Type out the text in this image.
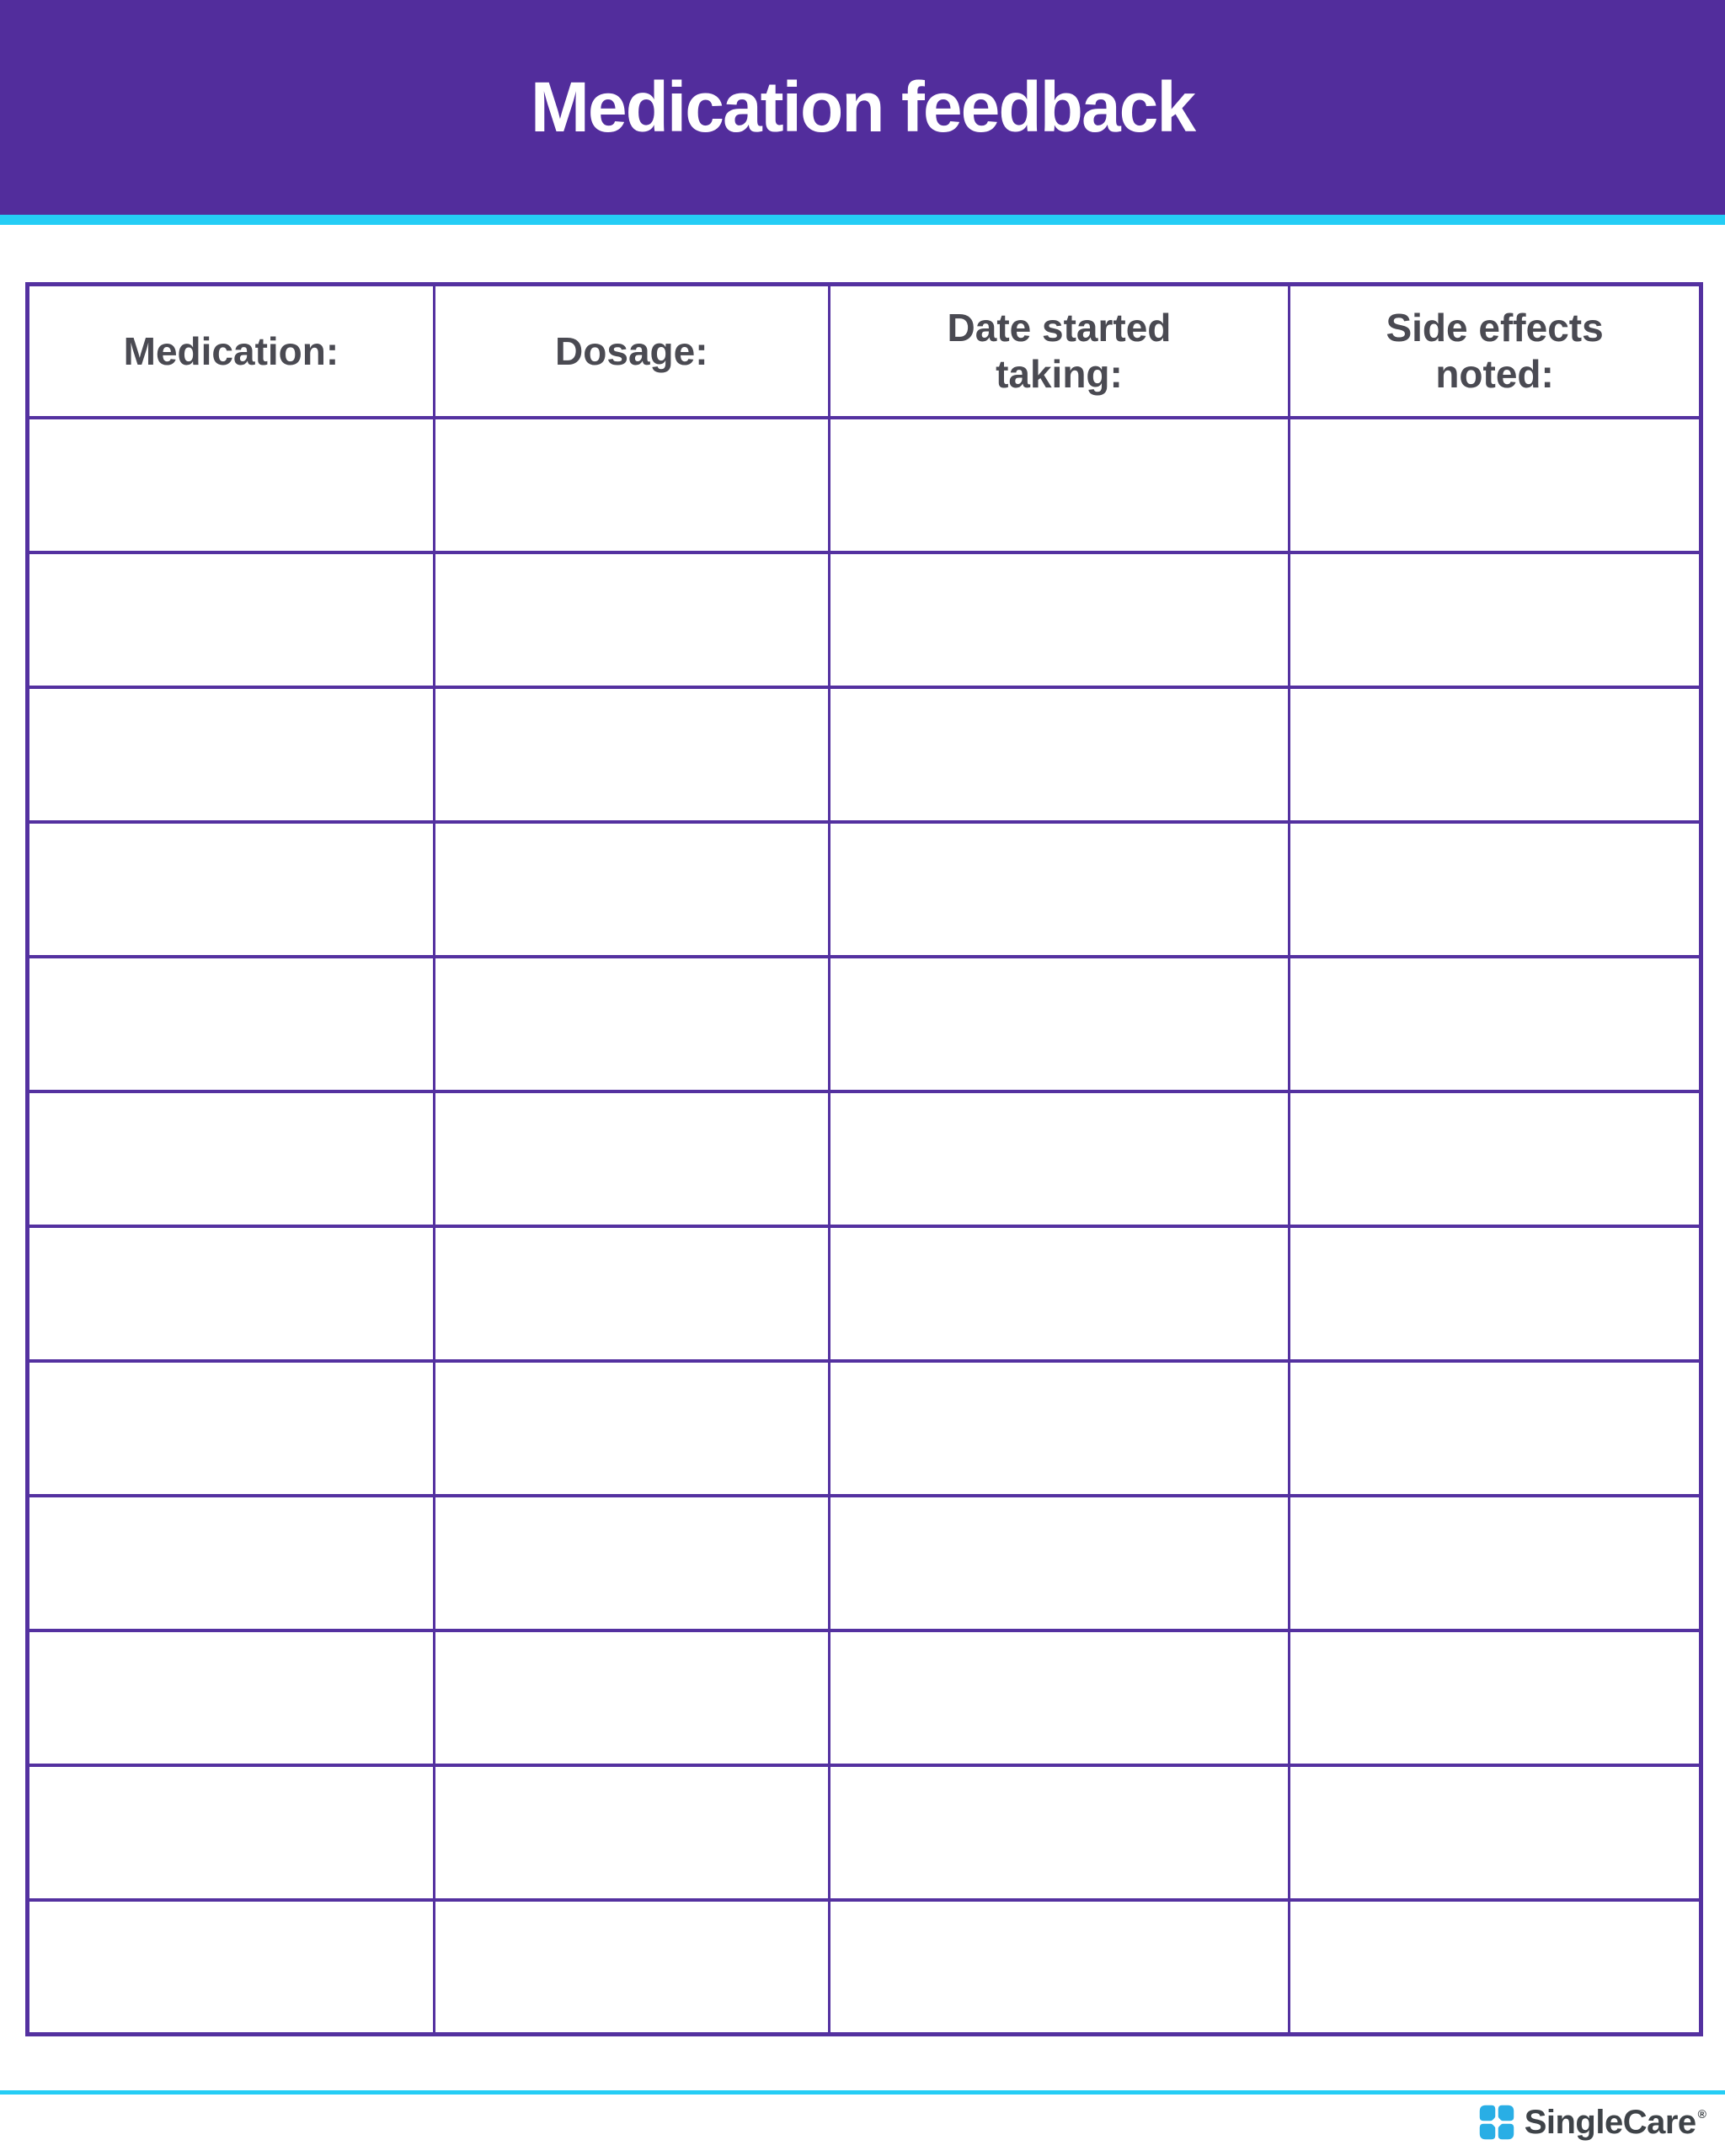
Medication feedback
Medication:	Dosage:	Date started taking:	Side effects noted:

SingleCare ®
